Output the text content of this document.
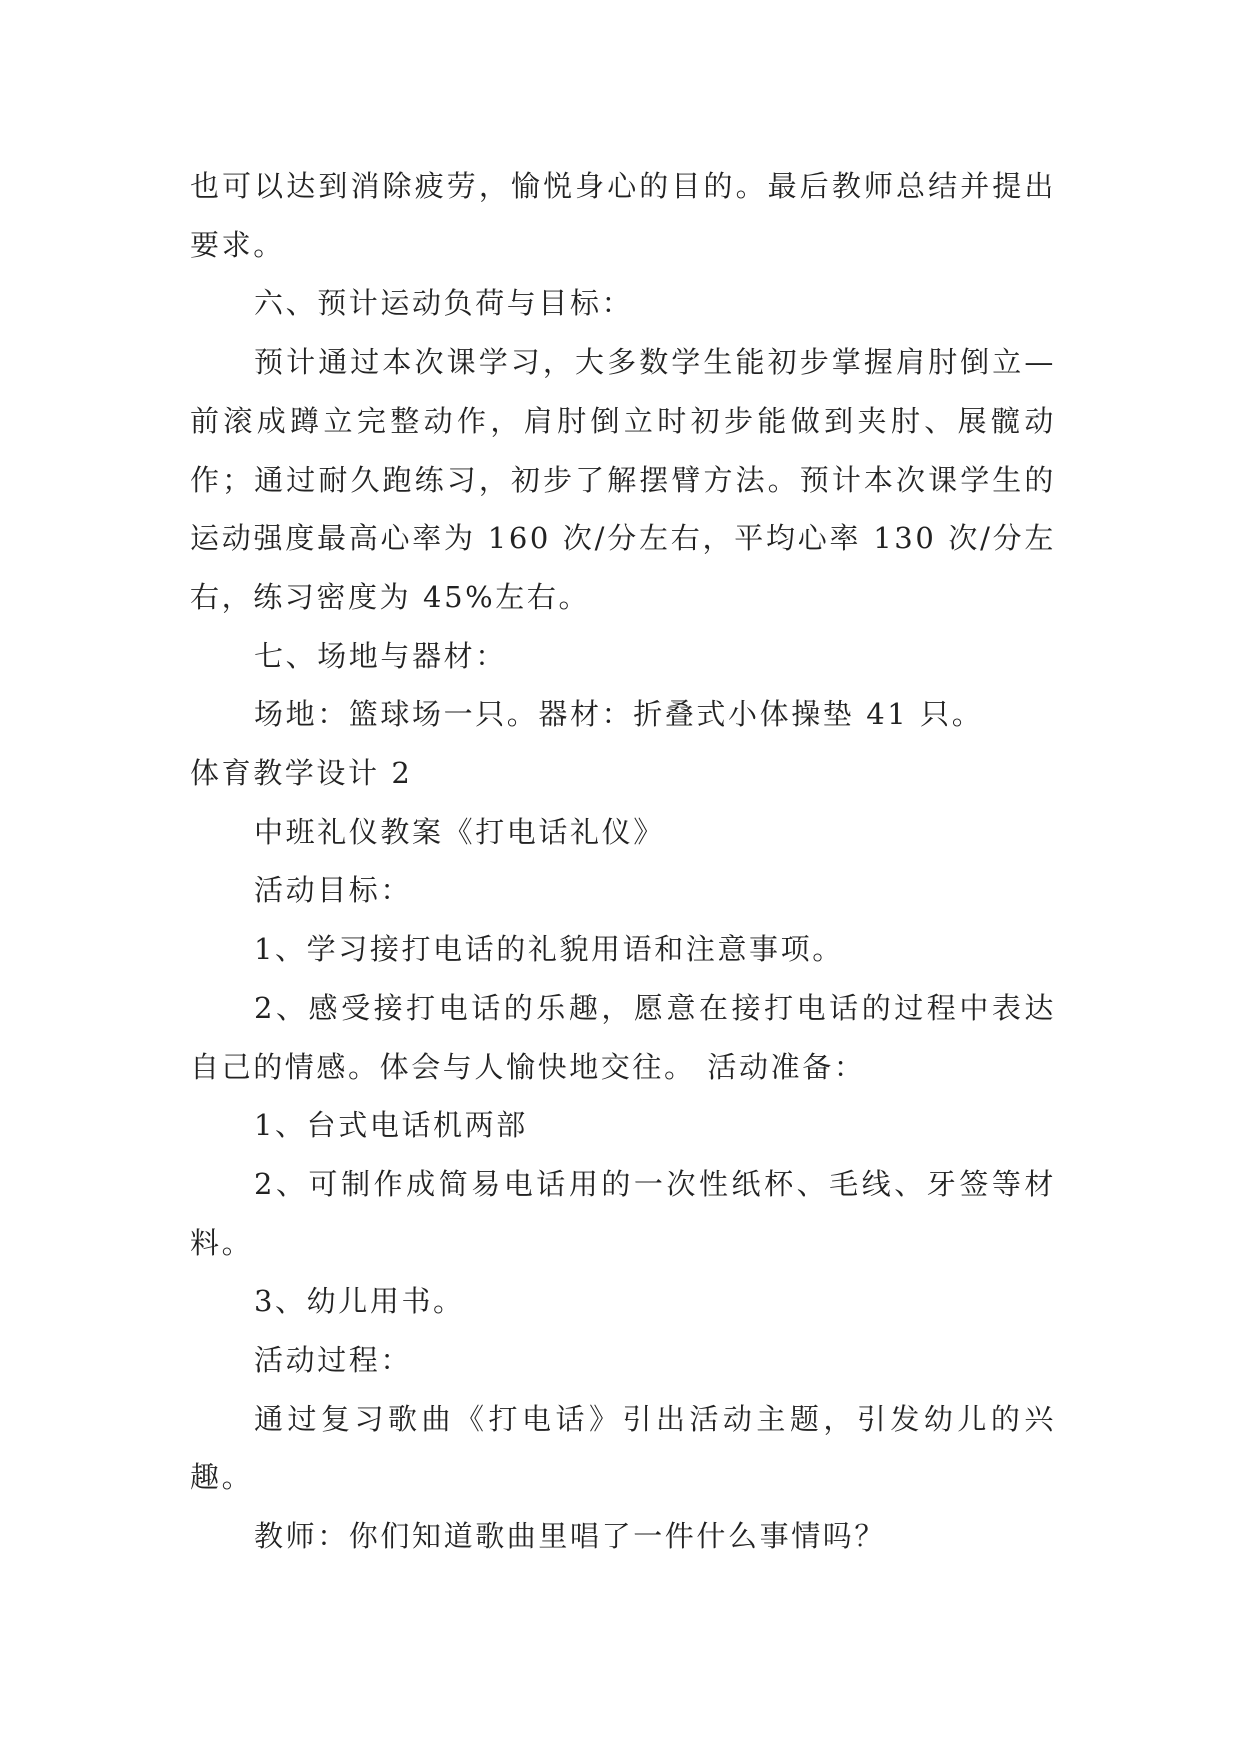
也可以达到消除疲劳，愉悦身心的目的。最后教师总结并提出要求。

六、预计运动负荷与目标：

预计通过本次课学习，大多数学生能初步掌握肩肘倒立—前滚成蹲立完整动作，肩肘倒立时初步能做到夹肘、展髋动作；通过耐久跑练习，初步了解摆臂方法。预计本次课学生的运动强度最高心率为 160 次/分左右，平均心率 130 次/分左右，练习密度为 45%左右。

七、场地与器材：

场地：篮球场一只。器材：折叠式小体操垫 41 只。

体育教学设计 2

中班礼仪教案《打电话礼仪》

活动目标：

1、学习接打电话的礼貌用语和注意事项。

2、感受接打电话的乐趣，愿意在接打电话的过程中表达自己的情感。体会与人愉快地交往。 活动准备：

1、台式电话机两部

2、可制作成简易电话用的一次性纸杯、毛线、牙签等材料。

3、幼儿用书。

活动过程：

通过复习歌曲《打电话》引出活动主题，引发幼儿的兴趣。

教师：你们知道歌曲里唱了一件什么事情吗？
